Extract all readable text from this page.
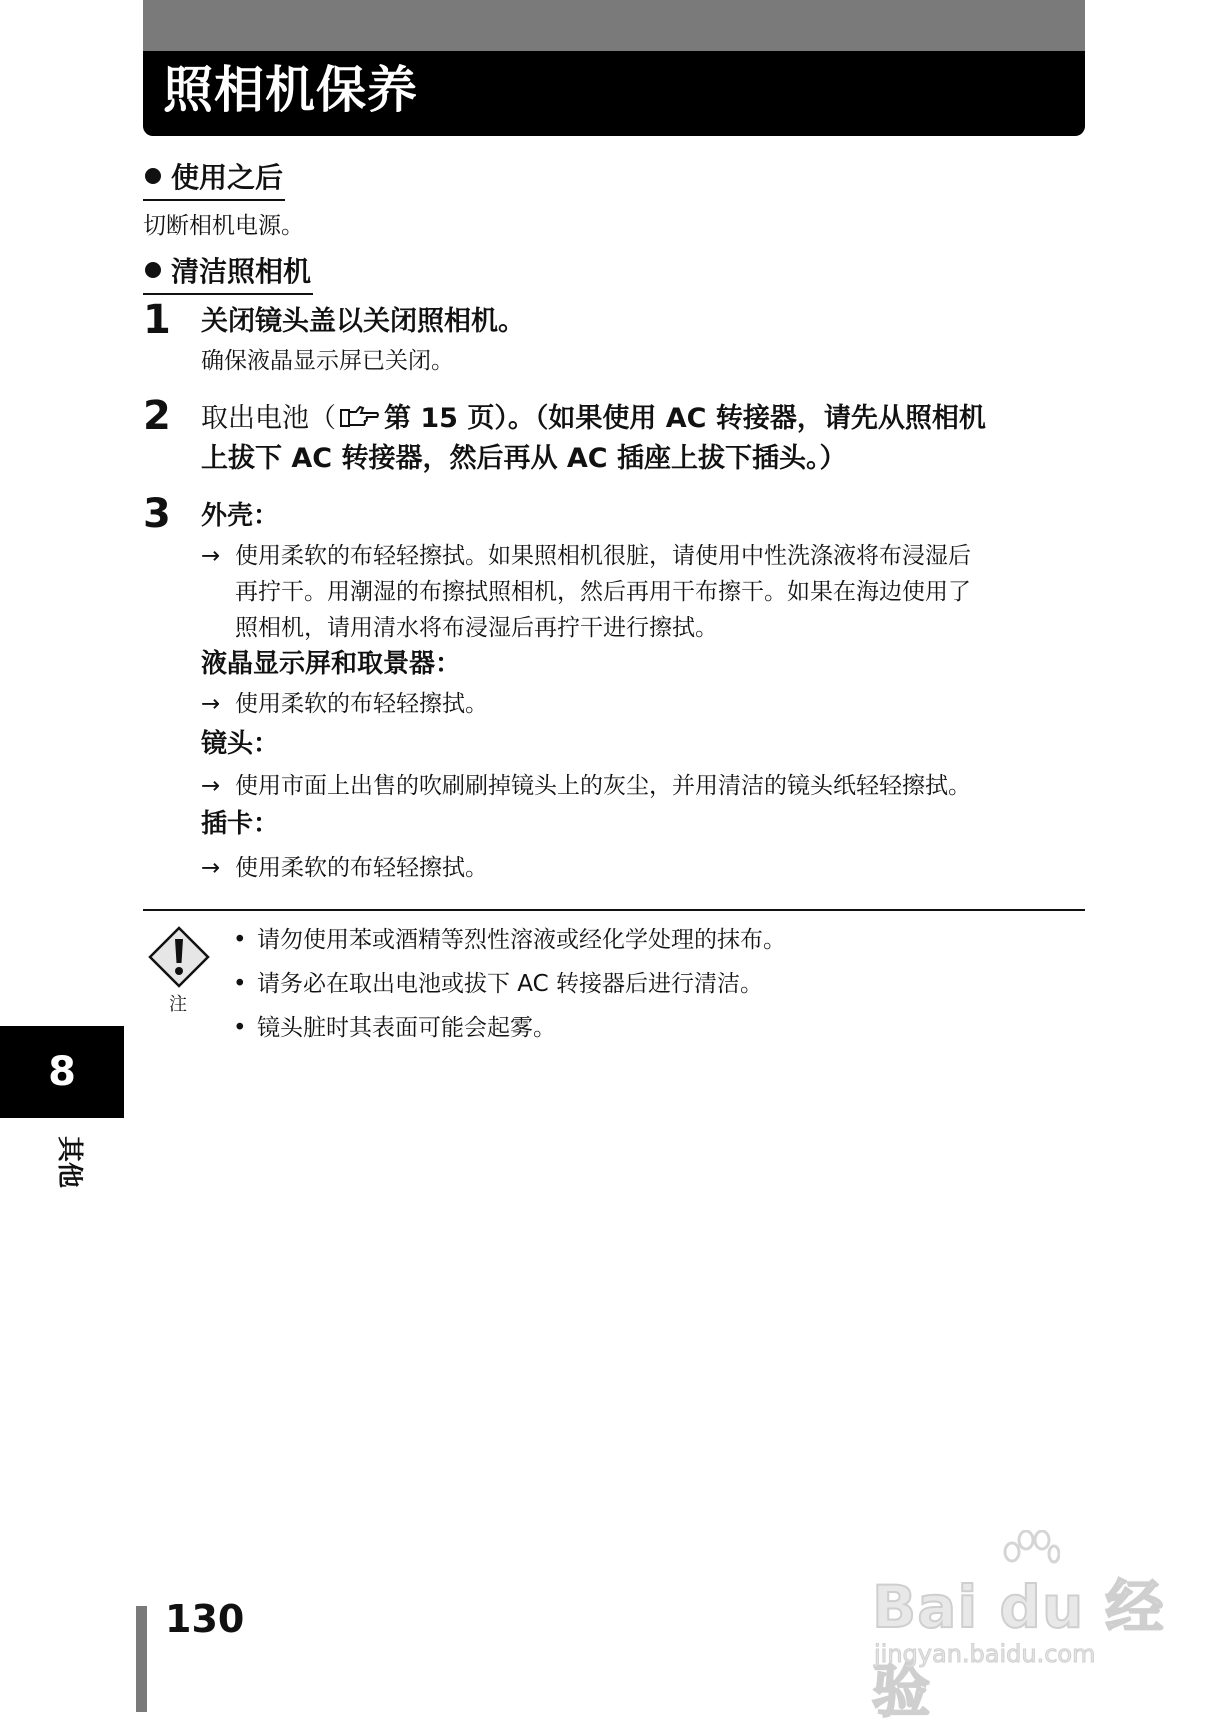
照相机保养
使用之后
切断相机电源。
清洁照相机
1 关闭镜头盖以关闭照相机。
确保液晶显示屏已关闭。
2 取出电池（ 第 15 页）。（如果使用 AC 转接器，请先从照相机
上拔下 AC 转接器，然后再从 AC 插座上拔下插头。）
3 外壳：
→ 使用柔软的布轻轻擦拭。如果照相机很脏，请使用中性洗涤液将布浸湿后
再拧干。用潮湿的布擦拭照相机，然后再用干布擦干。如果在海边使用了
照相机，请用清水将布浸湿后再拧干进行擦拭。
液晶显示屏和取景器：
→ 使用柔软的布轻轻擦拭。
镜头：
→ 使用市面上出售的吹刷刷掉镜头上的灰尘，并用清洁的镜头纸轻轻擦拭。
插卡：
→ 使用柔软的布轻轻擦拭。
注
• 请勿使用苯或酒精等烈性溶液或经化学处理的抹布。
• 请务必在取出电池或拔下 AC 转接器后进行清洁。
• 镜头脏时其表面可能会起雾。
8
其他
130	Bai du 经验
jingyan.baidu.com
